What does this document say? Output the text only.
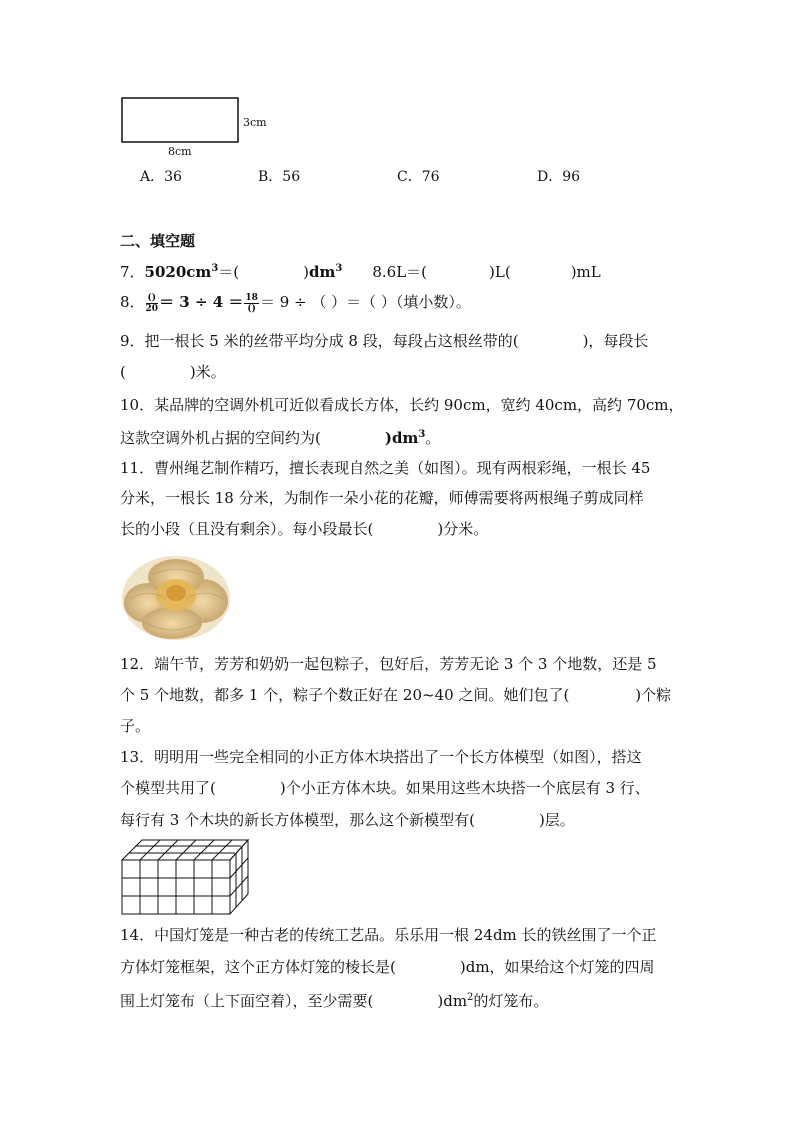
3cm
8cm
A．36	B．56	C．76	D．96
二、填空题
7．$5020cm^3=$(	)$dm^3$ 8.6L＝(	)L(	)mL
8． $\frac{()}{20} = 3 \div 4 = \frac{18}{()} = 9$ ÷ （ ）＝（ ）（填小数）。
9．把一根长 5 米的丝带平均分成 8 段，每段占这根丝带的(	)，每段长
(	)米。
10．某品牌的空调外机可近似看成长方体，长约 90cm，宽约 40cm，高约 70cm，
这款空调外机占据的空间约为(	)$dm^3$。
11．曹州绳艺制作精巧，擅长表现自然之美（如图）。现有两根彩绳，一根长 45
分米，一根长 18 分米，为制作一朵小花的花瓣，师傅需要将两根绳子剪成同样
长的小段（且没有剩余）。每小段最长(	)分米。
12．端午节，芳芳和奶奶一起包粽子，包好后，芳芳无论 3 个 3 个地数，还是 5
个 5 个地数，都多 1 个，粽子个数正好在 20~40 之间。她们包了(	)个粽
子。
13．明明用一些完全相同的小正方体木块搭出了一个长方体模型（如图），搭这
个模型共用了(	)个小正方体木块。如果用这些木块搭一个底层有 3 行、
每行有 3 个木块的新长方体模型，那么这个新模型有(	)层。
14．中国灯笼是一种古老的传统工艺品。乐乐用一根 24dm 长的铁丝围了一个正
方体灯笼框架，这个正方体灯笼的棱长是(	)dm，如果给这个灯笼的四周
围上灯笼布（上下面空着），至少需要(	)$dm^2$的灯笼布。
